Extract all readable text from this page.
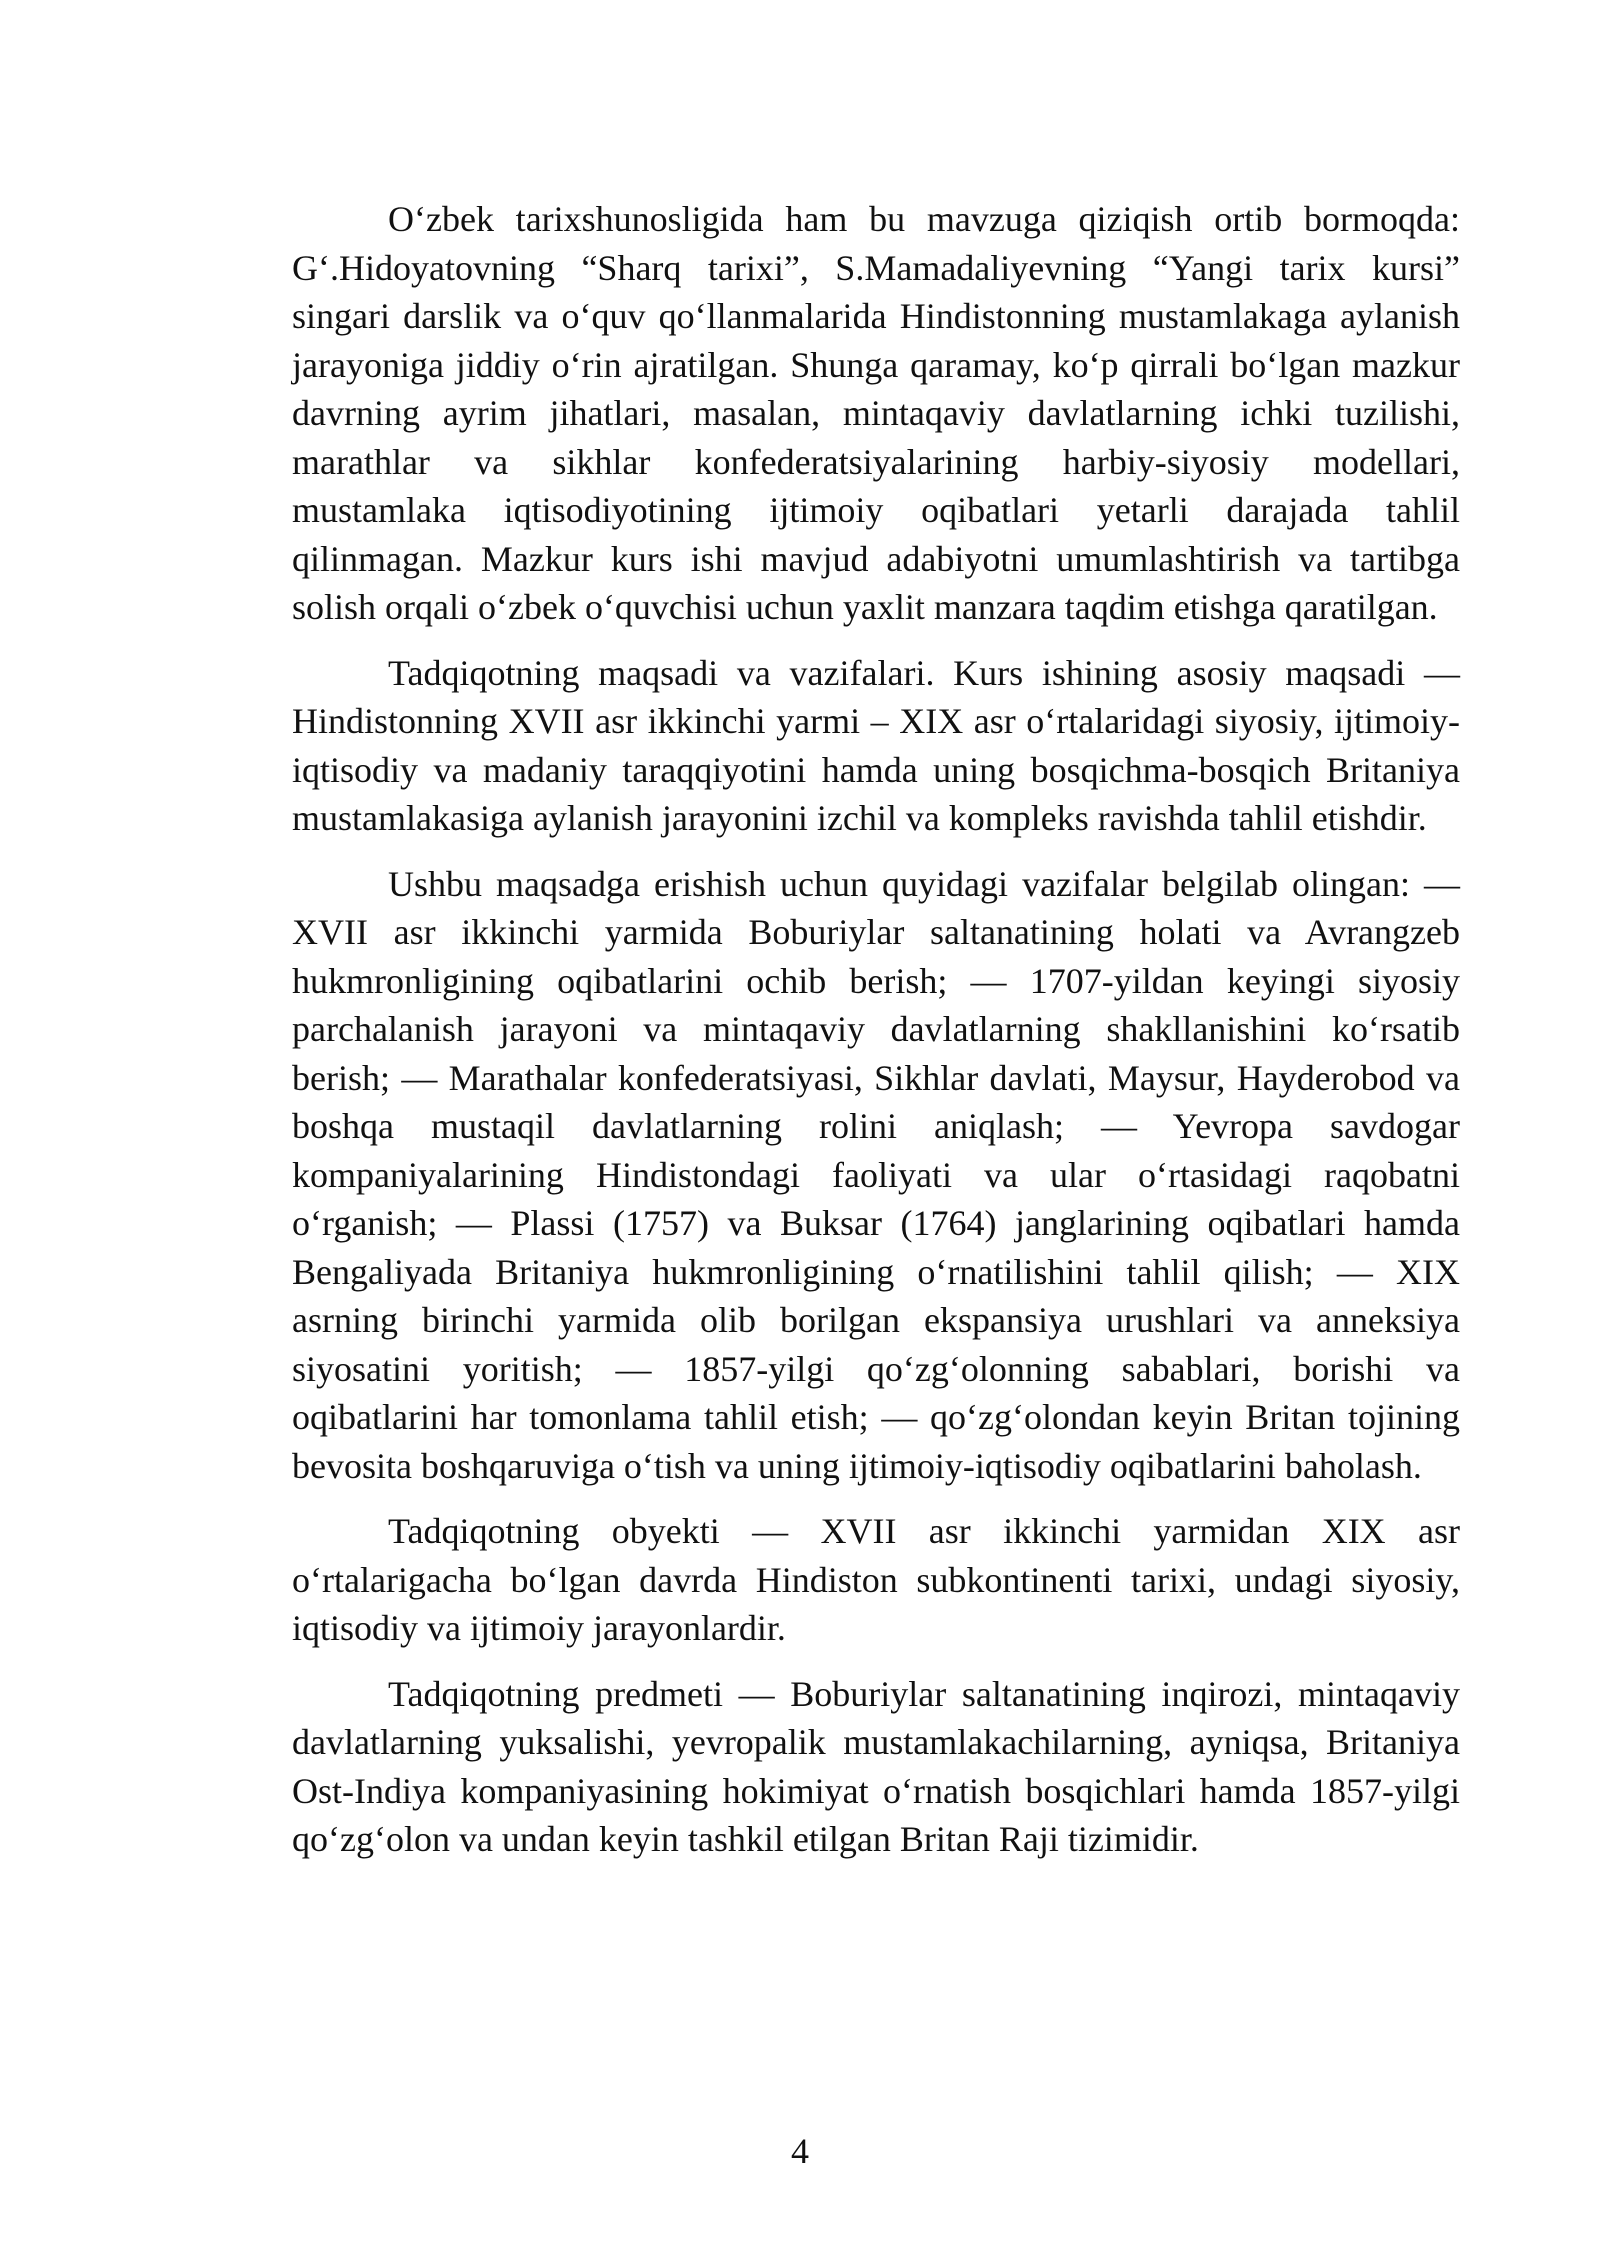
O‘zbek tarixshunosligida ham bu mavzuga qiziqish ortib bormoqda: G‘.Hidoyatovning “Sharq tarixi”, S.Mamadaliyevning “Yangi tarix kursi” singari darslik va o‘quv qo‘llanmalarida Hindistonning mustamlakaga aylanish jarayoniga jiddiy o‘rin ajratilgan. Shunga qaramay, ko‘p qirrali bo‘lgan mazkur davrning ayrim jihatlari, masalan, mintaqaviy davlatlarning ichki tuzilishi, marathlar va sikhlar konfederatsiyalarining harbiy-siyosiy modellari, mustamlaka iqtisodiyotining ijtimoiy oqibatlari yetarli darajada tahlil qilinmagan. Mazkur kurs ishi mavjud adabiyotni umumlashtirish va tartibga solish orqali o‘zbek o‘quvchisi uchun yaxlit manzara taqdim etishga qaratilgan.

Tadqiqotning maqsadi va vazifalari. Kurs ishining asosiy maqsadi — Hindistonning XVII asr ikkinchi yarmi – XIX asr o‘rtalaridagi siyosiy, ijtimoiy-iqtisodiy va madaniy taraqqiyotini hamda uning bosqichma-bosqich Britaniya mustamlakasiga aylanish jarayonini izchil va kompleks ravishda tahlil etishdir.

Ushbu maqsadga erishish uchun quyidagi vazifalar belgilab olingan: — XVII asr ikkinchi yarmida Boburiylar saltanatining holati va Avrangzeb hukmronligining oqibatlarini ochib berish; — 1707-yildan keyingi siyosiy parchalanish jarayoni va mintaqaviy davlatlarning shakllanishini ko‘rsatib berish; — Marathalar konfederatsiyasi, Sikhlar davlati, Maysur, Hayderobod va boshqa mustaqil davlatlarning rolini aniqlash; — Yevropa savdogar kompaniyalarining Hindistondagi faoliyati va ular o‘rtasidagi raqobatni o‘rganish; — Plassi (1757) va Buksar (1764) janglarining oqibatlari hamda Bengaliyada Britaniya hukmronligining o‘rnatilishini tahlil qilish; — XIX asrning birinchi yarmida olib borilgan ekspansiya urushlari va anneksiya siyosatini yoritish; — 1857-yilgi qo‘zg‘olonning sabablari, borishi va oqibatlarini har tomonlama tahlil etish; — qo‘zg‘olondan keyin Britan tojining bevosita boshqaruviga o‘tish va uning ijtimoiy-iqtisodiy oqibatlarini baholash.

Tadqiqotning obyekti — XVII asr ikkinchi yarmidan XIX asr o‘rtalarigacha bo‘lgan davrda Hindiston subkontinenti tarixi, undagi siyosiy, iqtisodiy va ijtimoiy jarayonlardir.

Tadqiqotning predmeti — Boburiylar saltanatining inqirozi, mintaqaviy davlatlarning yuksalishi, yevropalik mustamlakachilarning, ayniqsa, Britaniya Ost-Indiya kompaniyasining hokimiyat o‘rnatish bosqichlari hamda 1857-yilgi qo‘zg‘olon va undan keyin tashkil etilgan Britan Raji tizimidir.

4
